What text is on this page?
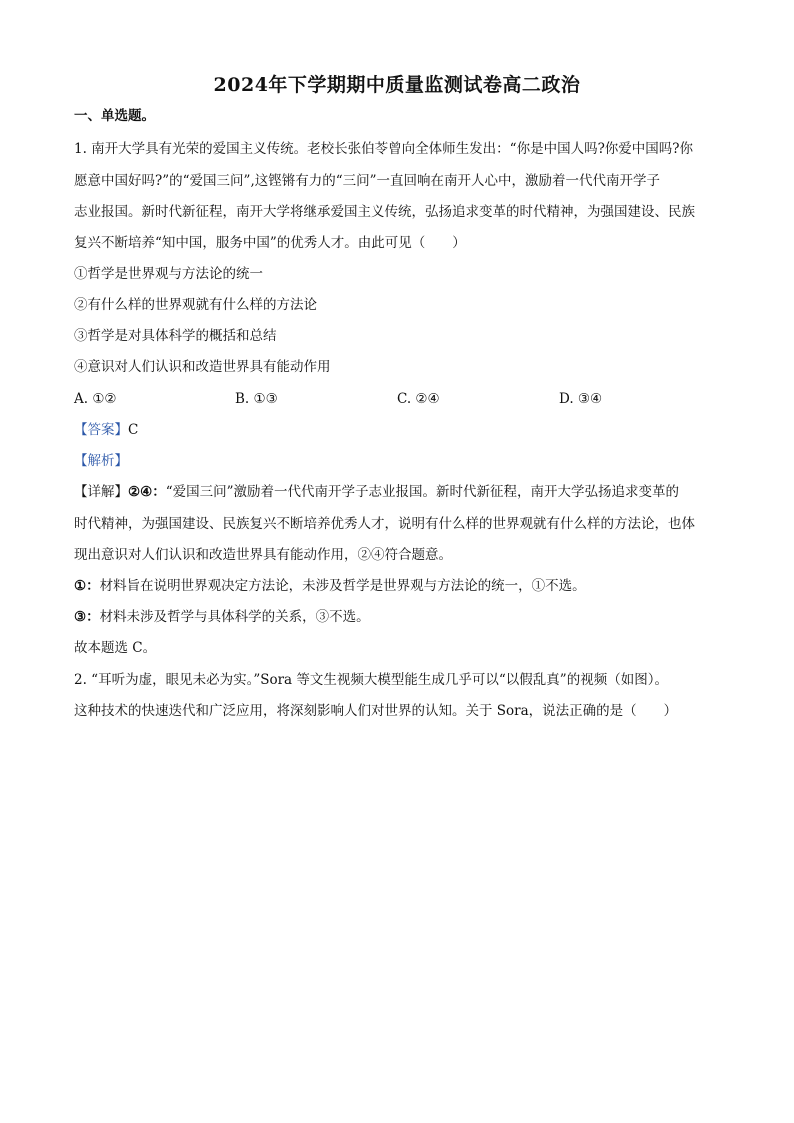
2024年下学期期中质量监测试卷高二政治
一、单选题。
1. 南开大学具有光荣的爱国主义传统。老校长张伯苓曾向全体师生发出：“你是中国人吗?你爱中国吗?你
愿意中国好吗?”的“爱国三问”,这铿锵有力的“三问”一直回响在南开人心中，激励着一代代南开学子
志业报国。新时代新征程，南开大学将继承爱国主义传统，弘扬追求变革的时代精神，为强国建设、民族
复兴不断培养“知中国，服务中国”的优秀人才。由此可见（　　）
①哲学是世界观与方法论的统一
②有什么样的世界观就有什么样的方法论
③哲学是对具体科学的概括和总结
④意识对人们认识和改造世界具有能动作用
A. ①②	B. ①③	C. ②④	D. ③④
【答案】C
【解析】
【详解】②④：“爱国三问”激励着一代代南开学子志业报国。新时代新征程，南开大学弘扬追求变革的
时代精神，为强国建设、民族复兴不断培养优秀人才，说明有什么样的世界观就有什么样的方法论，也体
现出意识对人们认识和改造世界具有能动作用，②④符合题意。
①：材料旨在说明世界观决定方法论，未涉及哲学是世界观与方法论的统一，①不选。
③：材料未涉及哲学与具体科学的关系，③不选。
故本题选 C。
2. “耳听为虚，眼见未必为实。”Sora 等文生视频大模型能生成几乎可以“以假乱真”的视频（如图）。
这种技术的快速迭代和广泛应用，将深刻影响人们对世界的认知。关于 Sora，说法正确的是（　　）
